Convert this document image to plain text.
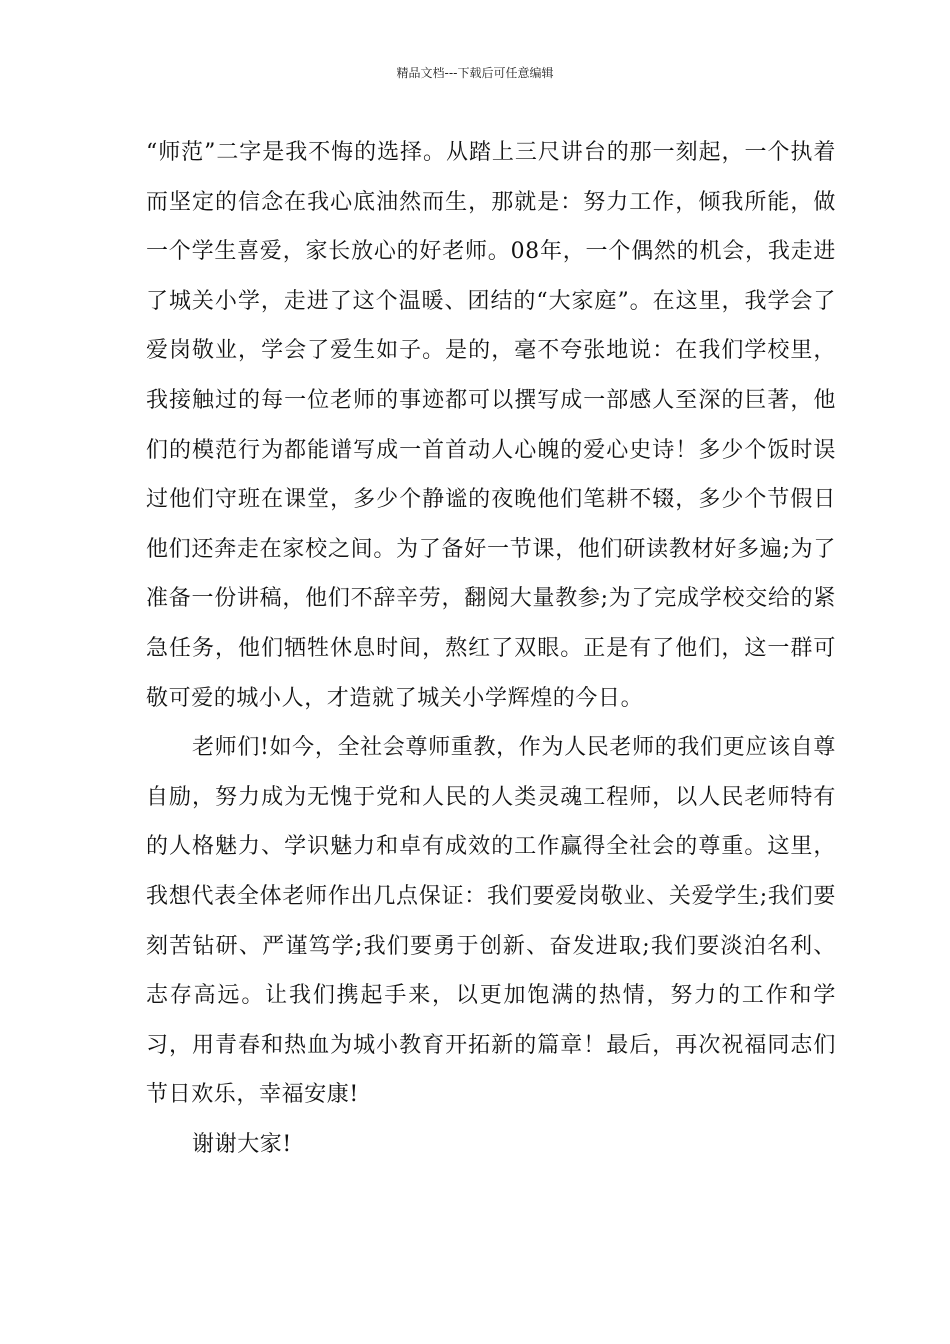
精品文档---下载后可任意编辑

“师范”二字是我不悔的选择。从踏上三尺讲台的那一刻起，一个执着而坚定的信念在我心底油然而生，那就是：努力工作，倾我所能，做一个学生喜爱，家长放心的好老师。08年，一个偶然的机会，我走进了城关小学，走进了这个温暖、团结的“大家庭”。在这里，我学会了爱岗敬业，学会了爱生如子。是的，毫不夸张地说：在我们学校里，我接触过的每一位老师的事迹都可以撰写成一部感人至深的巨著，他们的模范行为都能谱写成一首首动人心魄的爱心史诗！多少个饭时误过他们守班在课堂，多少个静谧的夜晚他们笔耕不辍，多少个节假日他们还奔走在家校之间。为了备好一节课，他们研读教材好多遍;为了准备一份讲稿，他们不辞辛劳，翻阅大量教参;为了完成学校交给的紧急任务，他们牺牲休息时间，熬红了双眼。正是有了他们，这一群可敬可爱的城小人，才造就了城关小学辉煌的今日。

老师们!如今，全社会尊师重教，作为人民老师的我们更应该自尊自励，努力成为无愧于党和人民的人类灵魂工程师，以人民老师特有的人格魅力、学识魅力和卓有成效的工作赢得全社会的尊重。这里，我想代表全体老师作出几点保证：我们要爱岗敬业、关爱学生;我们要刻苦钻研、严谨笃学;我们要勇于创新、奋发进取;我们要淡泊名利、志存高远。让我们携起手来，以更加饱满的热情，努力的工作和学习，用青春和热血为城小教育开拓新的篇章！最后，再次祝福同志们节日欢乐，幸福安康!

谢谢大家!
